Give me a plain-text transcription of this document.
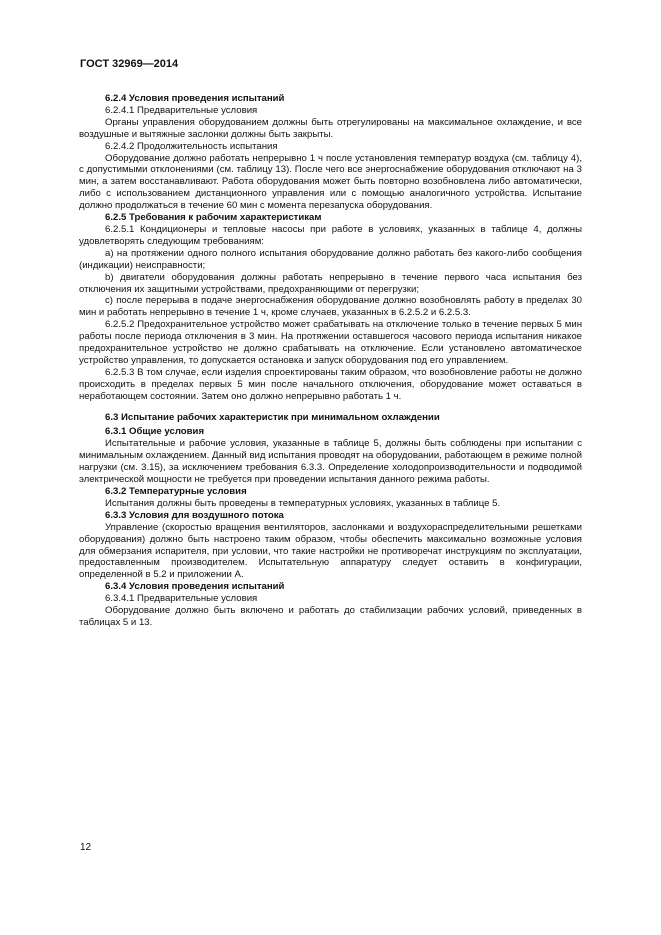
ГОСТ 32969—2014

6.2.4 Условия проведения испытаний

6.2.4.1 Предварительные условия

Органы управления оборудованием должны быть отрегулированы на максимальное охлаждение, и все воздушные и вытяжные заслонки должны быть закрыты.

6.2.4.2 Продолжительность испытания

Оборудование должно работать непрерывно 1 ч после установления температур воздуха (см. таблицу 4), с допустимыми отклонениями (см. таблицу 13). После чего все энергоснабжение оборудования отключают на 3 мин, а затем восстанавливают. Работа оборудования может быть повторно возобновлена либо автоматически, либо с использованием дистанционного управления или с помощью аналогичного устройства. Испытание должно продолжаться в течение 60 мин с момента перезапуска оборудования.

6.2.5 Требования к рабочим характеристикам

6.2.5.1 Кондиционеры и тепловые насосы при работе в условиях, указанных в таблице 4, должны удовлетворять следующим требованиям:

а) на протяжении одного полного испытания оборудование должно работать без какого-либо сообщения (индикации) неисправности;

b) двигатели оборудования должны работать непрерывно в течение первого часа испытания без отключения их защитными устройствами, предохраняющими от перегрузки;

с) после перерыва в подаче энергоснабжения оборудование должно возобновлять работу в пределах 30 мин и работать непрерывно в течение 1 ч, кроме случаев, указанных в 6.2.5.2 и 6.2.5.3.

6.2.5.2 Предохранительное устройство может срабатывать на отключение только в течение первых 5 мин работы после периода отключения в 3 мин. На протяжении оставшегося часового периода испытания никакое предохранительное устройство не должно срабатывать на отключение. Если установлено автоматическое устройство управления, то допускается остановка и запуск оборудования под его управлением.

6.2.5.3 В том случае, если изделия спроектированы таким образом, что возобновление работы не должно происходить в пределах первых 5 мин после начального отключения, оборудование может оставаться в неработающем состоянии. Затем оно должно непрерывно работать 1 ч.

6.3 Испытание рабочих характеристик при минимальном охлаждении

6.3.1 Общие условия

Испытательные и рабочие условия, указанные в таблице 5, должны быть соблюдены при испытании с минимальным охлаждением. Данный вид испытания проводят на оборудовании, работающем в режиме полной нагрузки (см. 3.15), за исключением требования 6.3.3. Определение холодопроизводительности и подводимой электрической мощности не требуется при проведении испытания данного режима работы.

6.3.2 Температурные условия

Испытания должны быть проведены в температурных условиях, указанных в таблице 5.

6.3.3 Условия для воздушного потока

Управление (скоростью вращения вентиляторов, заслонками и воздухораспределительными решетками оборудования) должно быть настроено таким образом, чтобы обеспечить максимально возможные условия для обмерзания испарителя, при условии, что такие настройки не противоречат инструкциям по эксплуатации, предоставленным производителем. Испытательную аппаратуру следует оставить в конфигурации, определенной в 5.2 и приложении А.

6.3.4 Условия проведения испытаний

6.3.4.1 Предварительные условия

Оборудование должно быть включено и работать до стабилизации рабочих условий, приведенных в таблицах 5 и 13.

12
